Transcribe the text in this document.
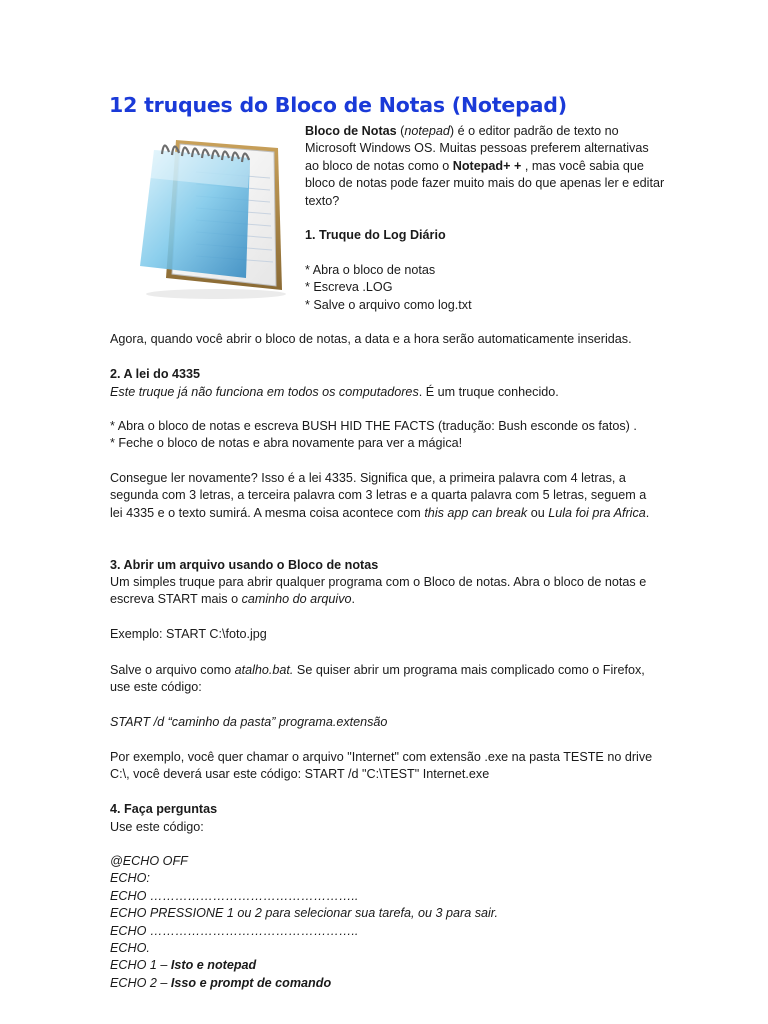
12 truques do Bloco de Notas (Notepad)

Bloco de Notas (notepad) é o editor padrão de texto no Microsoft Windows OS. Muitas pessoas preferem alternativas ao bloco de notas como o Notepad+ + , mas você sabia que bloco de notas pode fazer muito mais do que apenas ler e editar texto?

1. Truque do Log Diário

* Abra o bloco de notas
* Escreva .LOG
* Salve o arquivo como log.txt

Agora, quando você abrir o bloco de notas, a data e a hora serão automaticamente inseridas.

2. A lei do 4335

Este truque já não funciona em todos os computadores. É um truque conhecido.

* Abra o bloco de notas e escreva BUSH HID THE FACTS (tradução: Bush esconde os fatos) .
* Feche o bloco de notas e abra novamente para ver a mágica!

Consegue ler novamente? Isso é a lei 4335. Significa que, a primeira palavra com 4 letras, a segunda com 3 letras, a terceira palavra com 3 letras e a quarta palavra com 5 letras, seguem a lei 4335 e o texto sumirá. A mesma coisa acontece com this app can break ou Lula foi pra Africa.

3. Abrir um arquivo usando o Bloco de notas

Um simples truque para abrir qualquer programa com o Bloco de notas. Abra o bloco de notas e escreva START mais o caminho do arquivo.

Exemplo: START C:\foto.jpg

Salve o arquivo como atalho.bat. Se quiser abrir um programa mais complicado como o Firefox, use este código:

START /d “caminho da pasta” programa.extensão

Por exemplo, você quer chamar o arquivo "Internet" com extensão .exe na pasta TESTE no drive C:\, você deverá usar este código: START /d "C:\TEST" Internet.exe

4. Faça perguntas

Use este código:

@ECHO OFF
ECHO:
ECHO …………………………………………..
ECHO PRESSIONE 1 ou 2 para selecionar sua tarefa, ou 3 para sair.
ECHO …………………………………………..
ECHO.
ECHO 1 – Isto e notepad
ECHO 2 – Isso e prompt de comando
